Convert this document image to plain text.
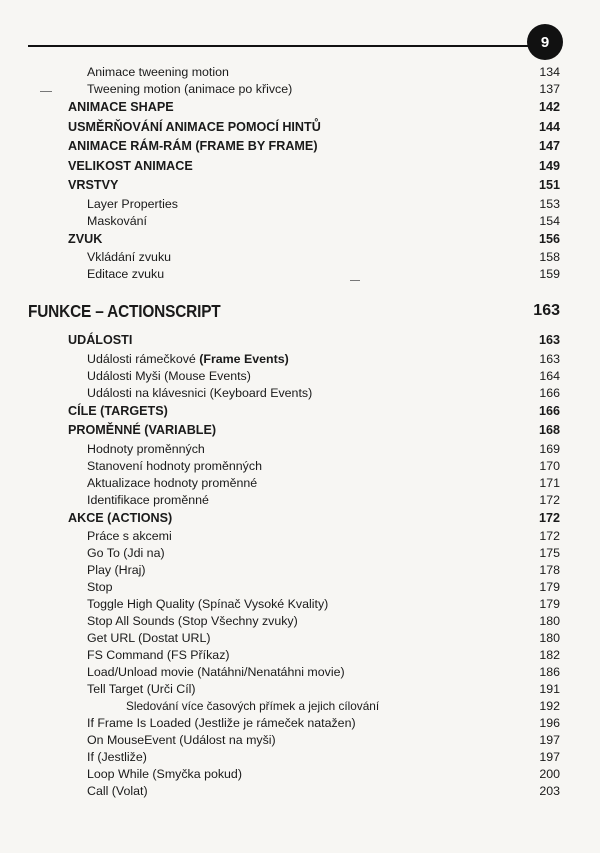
9
Animace tweening motion	134
Tweening motion (animace po křivce)	137
ANIMACE SHAPE	142
USMĚRŇOVÁNÍ ANIMACE POMOCÍ HINTŮ	144
ANIMACE RÁM-RÁM (FRAME BY FRAME)	147
VELIKOST ANIMACE	149
VRSTVY	151
Layer Properties	153
Maskování	154
ZVUK	156
Vkládání zvuku	158
Editace zvuku	159
FUNKCE – ACTIONSCRIPT	163
UDÁLOSTI	163
Události rámečkové (Frame Events)	163
Události Myši (Mouse Events)	164
Události na klávesnici (Keyboard Events)	166
CÍLE (TARGETS)	166
PROMĚNNÉ (VARIABLE)	168
Hodnoty proměnných	169
Stanovení hodnoty proměnných	170
Aktualizace hodnoty proměnné	171
Identifikace proměnné	172
AKCE (ACTIONS)	172
Práce s akcemi	172
Go To (Jdi na)	175
Play (Hraj)	178
Stop	179
Toggle High Quality (Spínač Vysoké Kvality)	179
Stop All Sounds (Stop Všechny zvuky)	180
Get URL (Dostat URL)	180
FS Command (FS Příkaz)	182
Load/Unload movie (Natáhni/Nenatáhni movie)	186
Tell Target (Urči Cíl)	191
Sledování více časových přímek a jejich cílování	192
If Frame Is Loaded (Jestliže je rámeček natažen)	196
On MouseEvent (Událost na myši)	197
If (Jestliže)	197
Loop While (Smyčka pokud)	200
Call (Volat)	203
